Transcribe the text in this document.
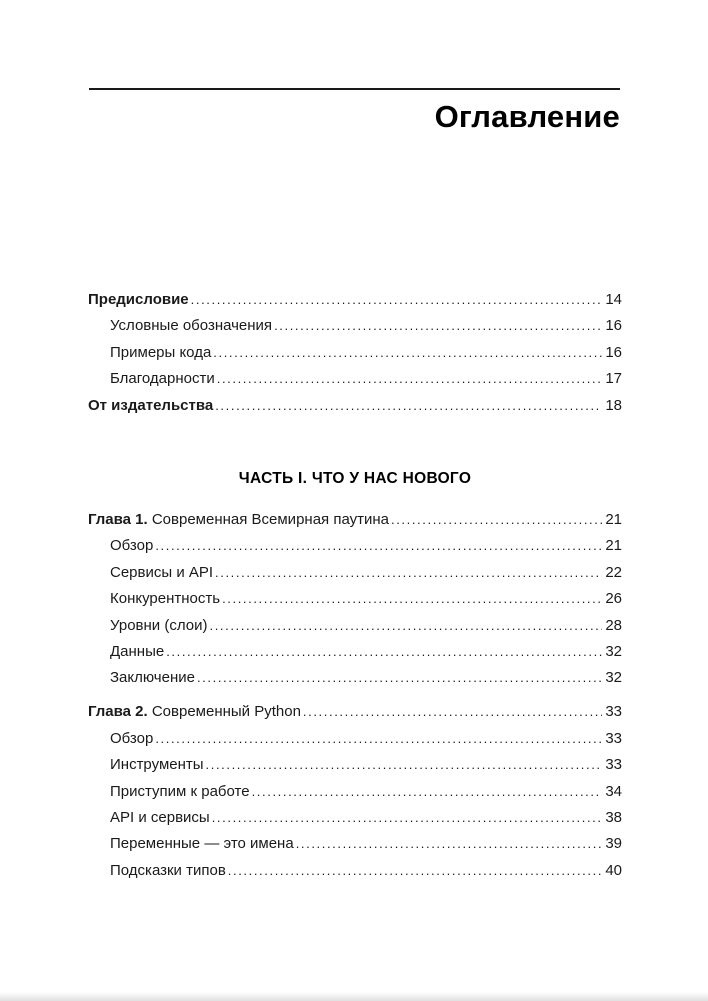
Оглавление
Предисловие .....	14
Условные обозначения .....	16
Примеры кода .....	16
Благодарности .....	17
От издательства .....	18
ЧАСТЬ I. ЧТО У НАС НОВОГО
Глава 1. Современная Всемирная паутина .....	21
Обзор .....	21
Сервисы и API .....	22
Конкурентность .....	26
Уровни (слои) .....	28
Данные .....	32
Заключение .....	32
Глава 2. Современный Python .....	33
Обзор .....	33
Инструменты .....	33
Приступим к работе .....	34
API и сервисы .....	38
Переменные — это имена .....	39
Подсказки типов .....	40
